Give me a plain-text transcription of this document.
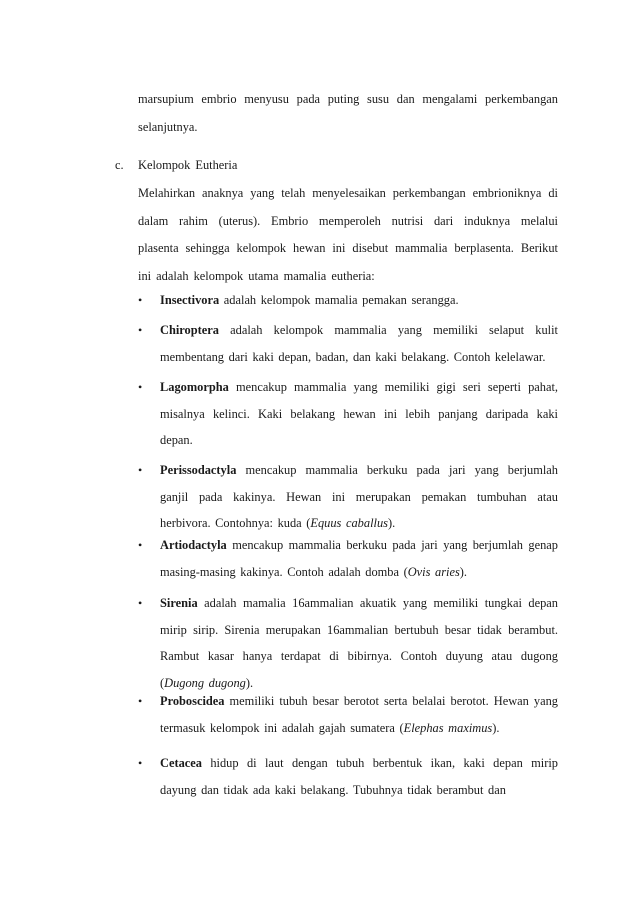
marsupium embrio menyusu pada puting susu dan mengalami perkembangan selanjutnya.

c. Kelompok Eutheria

Melahirkan anaknya yang telah menyelesaikan perkembangan embrioniknya di dalam rahim (uterus). Embrio memperoleh nutrisi dari induknya melalui plasenta sehingga kelompok hewan ini disebut mammalia berplasenta. Berikut ini adalah kelompok utama mamalia eutheria:

• Insectivora adalah kelompok mamalia pemakan serangga.

• Chiroptera adalah kelompok mammalia yang memiliki selaput kulit membentang dari kaki depan, badan, dan kaki belakang. Contoh kelelawar.

• Lagomorpha mencakup mammalia yang memiliki gigi seri seperti pahat, misalnya kelinci. Kaki belakang hewan ini lebih panjang daripada kaki depan.

• Perissodactyla mencakup mammalia berkuku pada jari yang berjumlah ganjil pada kakinya. Hewan ini merupakan pemakan tumbuhan atau herbivora. Contohnya: kuda (Equus caballus).

• Artiodactyla mencakup mammalia berkuku pada jari yang berjumlah genap masing-masing kakinya. Contoh adalah domba (Ovis aries).

• Sirenia adalah mamalia 16ammalian akuatik yang memiliki tungkai depan mirip sirip. Sirenia merupakan 16ammalian bertubuh besar tidak berambut. Rambut kasar hanya terdapat di bibirnya. Contoh duyung atau dugong (Dugong dugong).

• Proboscidea memiliki tubuh besar berotot serta belalai berotot. Hewan yang termasuk kelompok ini adalah gajah sumatera (Elephas maximus).

• Cetacea hidup di laut dengan tubuh berbentuk ikan, kaki depan mirip dayung dan tidak ada kaki belakang. Tubuhnya tidak berambut dan
